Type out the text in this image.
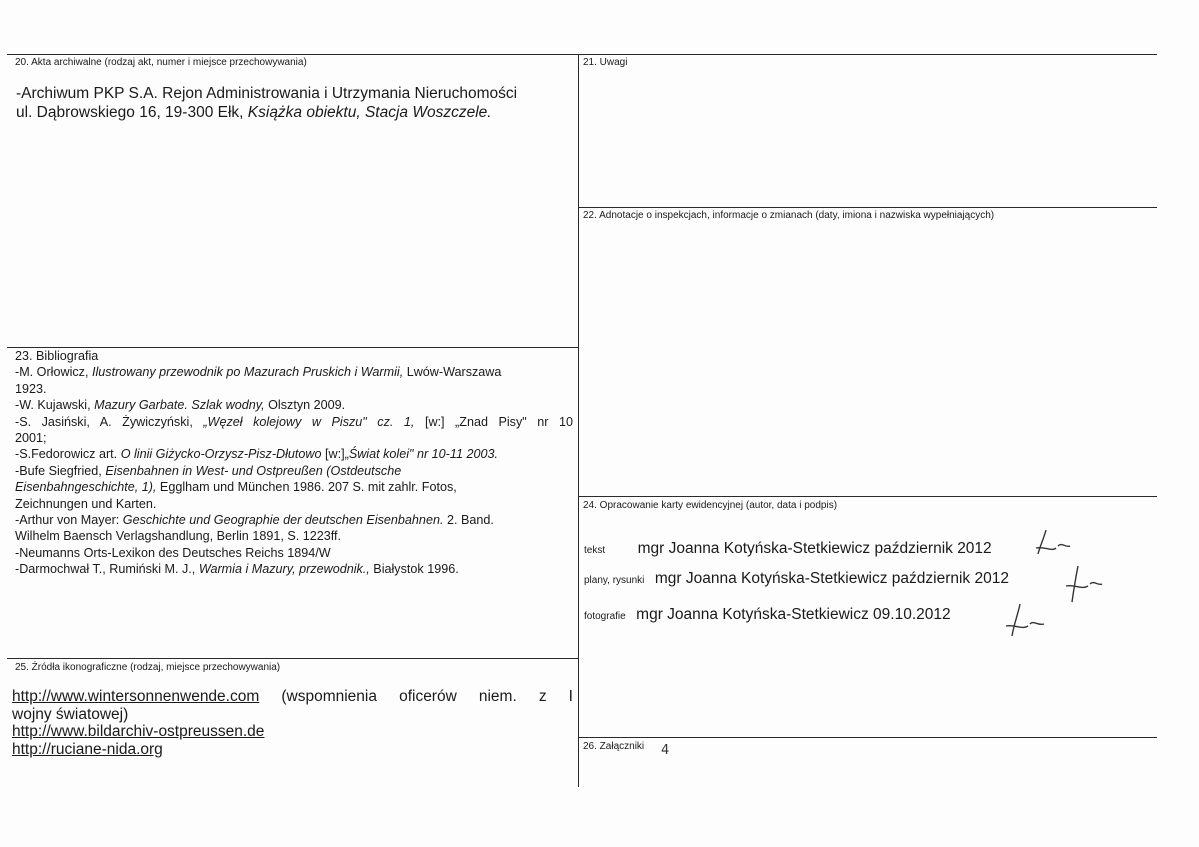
20. Akta archiwalne (rodzaj akt, numer i miejsce przechowywania)
-Archiwum PKP S.A. Rejon Administrowania i Utrzymania Nieruchomości
ul. Dąbrowskiego 16, 19-300 Ełk, Książka obiektu, Stacja Woszczele.
21. Uwagi
22. Adnotacje o inspekcjach, informacje o zmianach (daty, imiona i nazwiska wypełniających)
23. Bibliografia
-M. Orłowicz, Ilustrowany przewodnik po Mazurach Pruskich i Warmii, Lwów-Warszawa
1923.
-W. Kujawski, Mazury Garbate. Szlak wodny, Olsztyn 2009.
-S. Jasiński, A. Żywiczyński, „Węzeł kolejowy w Piszu" cz. 1, [w:] „Znad Pisy" nr 10
2001;
-S.Fedorowicz art. O linii Giżycko-Orzysz-Pisz-Dłutowo [w:]„Świat kolei" nr 10-11 2003.
-Bufe Siegfried, Eisenbahnen in West- und Ostpreußen (Ostdeutsche
Eisenbahngeschichte, 1), Egglham und München 1986. 207 S. mit zahlr. Fotos,
Zeichnungen und Karten.
-Arthur von Mayer: Geschichte und Geographie der deutschen Eisenbahnen. 2. Band.
Wilhelm Baensch Verlagshandlung, Berlin 1891, S. 1223ff.
-Neumanns Orts-Lexikon des Deutsches Reichs 1894/W
-Darmochwał T., Rumiński M. J., Warmia i Mazury, przewodnik., Białystok 1996.
24. Opracowanie karty ewidencyjnej (autor, data i podpis)
tekst mgr Joanna Kotyńska-Stetkiewicz październik 2012
plany, rysunki mgr Joanna Kotyńska-Stetkiewicz październik 2012
fotografie mgr Joanna Kotyńska-Stetkiewicz 09.10.2012
25. Źródła ikonograficzne (rodzaj, miejsce przechowywania)
http://www.wintersonnenwende.com (wspomnienia oficerów niem. z I
wojny światowej)
http://www.bildarchiv-ostpreussen.de
http://ruciane-nida.org	26. Załączniki 4
